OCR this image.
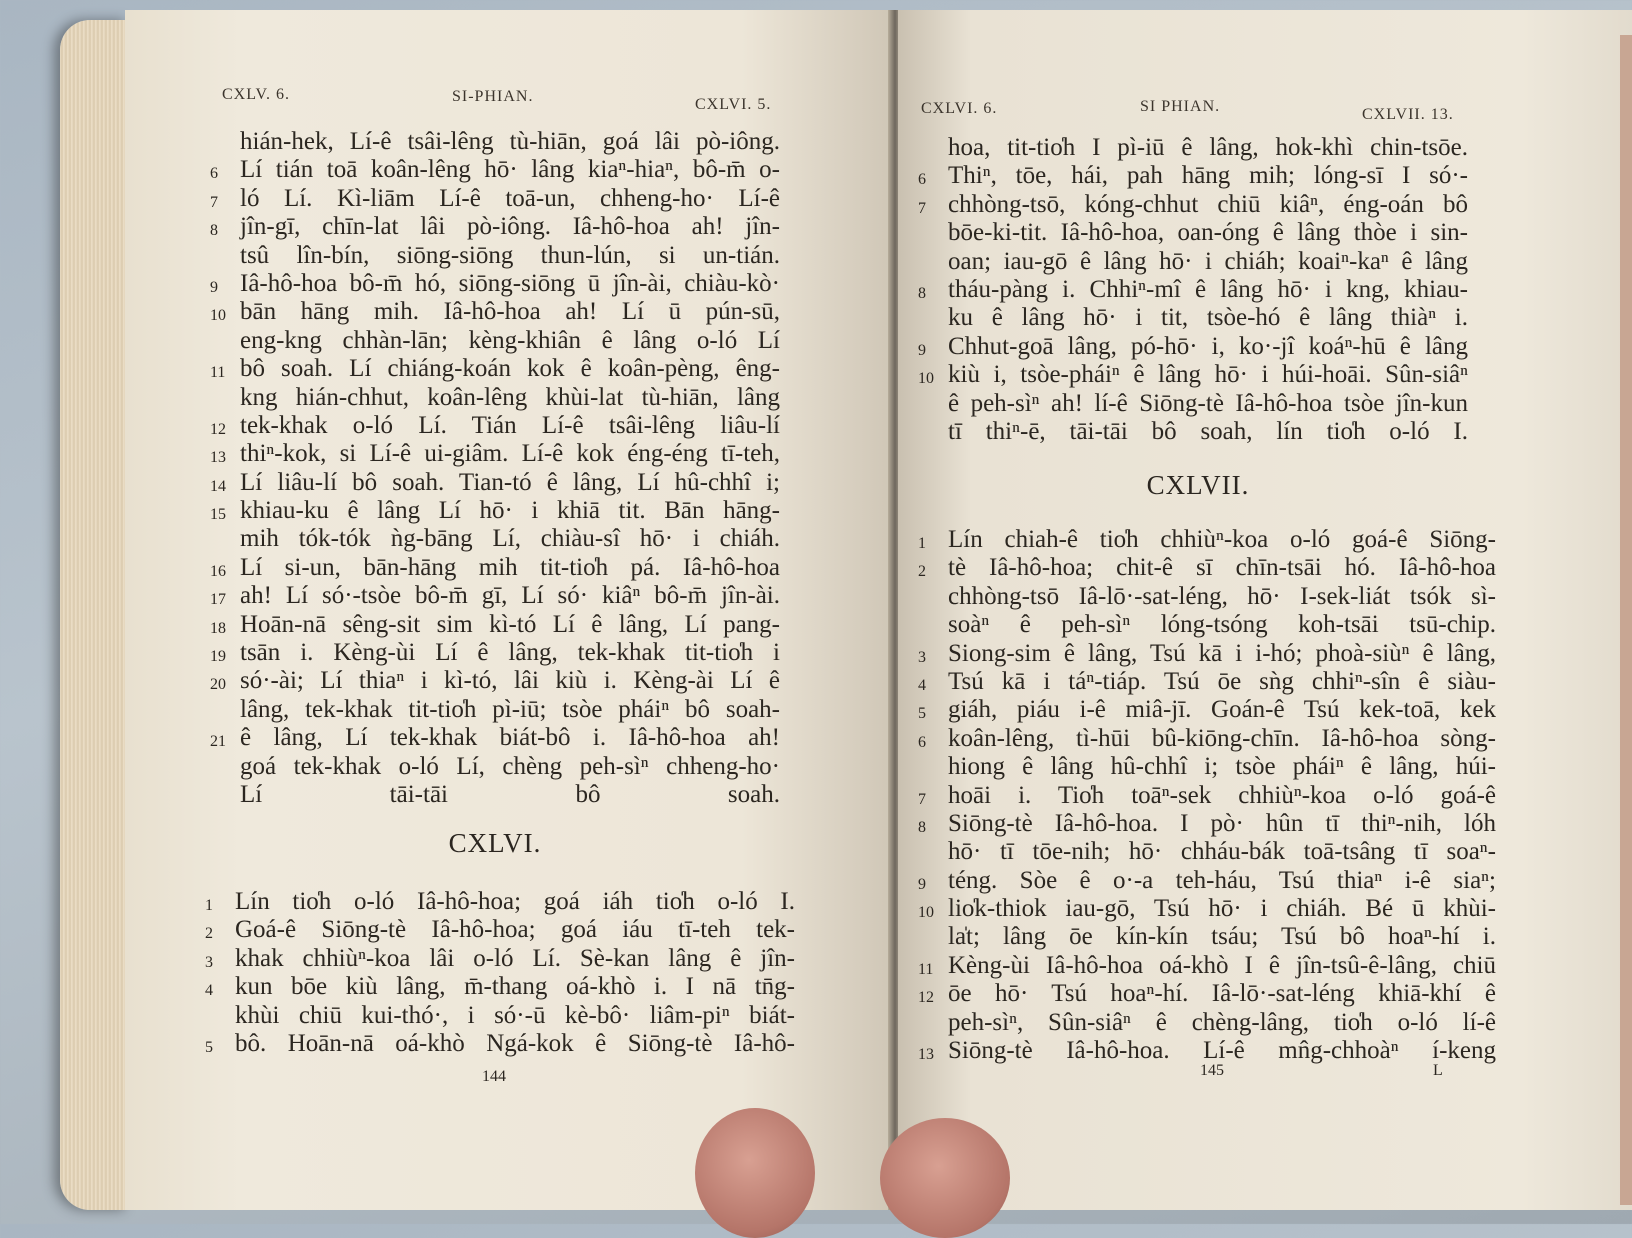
CXLV. 6.	SI-PHIAN.	CXLVI. 5.
hián-hek, Lí-ê tsâi-lêng tù-hiān, goá lâi pò-iông.
6 Lí tián toā koân-lêng hō· lâng kiaⁿ-hiaⁿ, bô-m̄ o-
7 ló Lí. Kì-liām Lí-ê toā-un, chheng-ho· Lí-ê
8 jîn-gī, chīn-lat lâi pò-iông. Iâ-hô-hoa ah! jîn-
tsû lîn-bín, siōng-siōng thun-lún, si un-tián.
9 Iâ-hô-hoa bô-m̄ hó, siōng-siōng ū jîn-ài, chiàu-kò·
10 bān hāng mih. Iâ-hô-hoa ah! Lí ū pún-sū,
eng-kng chhàn-lān; kèng-khiân ê lâng o-ló Lí
11 bô soah. Lí chiáng-koán kok ê koân-pèng, êng-
kng hián-chhut, koân-lêng khùi-lat tù-hiān, lâng
12 tek-khak o-ló Lí. Tián Lí-ê tsâi-lêng liâu-lí
13 thiⁿ-kok, si Lí-ê ui-giâm. Lí-ê kok éng-éng tī-teh,
14 Lí liâu-lí bô soah. Tian-tó ê lâng, Lí hû-chhî i;
15 khiau-ku ê lâng Lí hō· i khiā tit. Bān hāng-
mih tók-tók ǹg-bāng Lí, chiàu-sî hō· i chiáh.
16 Lí si-un, bān-hāng mih tit-tio̍h pá. Iâ-hô-hoa
17 ah! Lí só·-tsòe bô-m̄ gī, Lí só· kiâⁿ bô-m̄ jîn-ài.
18 Hoān-nā sêng-sit sim kì-tó Lí ê lâng, Lí pang-
19 tsān i. Kèng-ùi Lí ê lâng, tek-khak tit-tio̍h i
20 só·-ài; Lí thiaⁿ i kì-tó, lâi kiù i. Kèng-ài Lí ê
lâng, tek-khak tit-tio̍h pì-iū; tsòe pháiⁿ bô soah-
21 ê lâng, Lí tek-khak biát-bô i. Iâ-hô-hoa ah!
goá tek-khak o-ló Lí, chèng peh-sìⁿ chheng-ho·
Lí tāi-tāi bô soah.
CXLVI.
1 Lín tio̍h o-ló Iâ-hô-hoa; goá iáh tio̍h o-ló I.
2 Goá-ê Siōng-tè Iâ-hô-hoa; goá iáu tī-teh tek-
3 khak chhiùⁿ-koa lâi o-ló Lí. Sè-kan lâng ê jîn-
4 kun bōe kiù lâng, m̄-thang oá-khò i. I nā tn̄g-
khùi chiū kui-thó·, i só·-ū kè-bô· liâm-piⁿ biát-
5 bô. Hoān-nā oá-khò Ngá-kok ê Siōng-tè Iâ-hô-
144
CXLVI. 6.	SI PHIAN.	CXLVII. 13.
hoa, tit-tio̍h I pì-iū ê lâng, hok-khì chin-tsōe.
6 Thiⁿ, tōe, hái, pah hāng mih; lóng-sī I só·-
7 chhòng-tsō, kóng-chhut chiū kiâⁿ, éng-oán bô
bōe-ki-tit. Iâ-hô-hoa, oan-óng ê lâng thòe i sin-
oan; iau-gō ê lâng hō· i chiáh; koaiⁿ-kaⁿ ê lâng
8 tháu-pàng i. Chhiⁿ-mî ê lâng hō· i kng, khiau-
ku ê lâng hō· i tit, tsòe-hó ê lâng thiàⁿ i.
9 Chhut-goā lâng, pó-hō· i, ko·-jî koáⁿ-hū ê lâng
10 kiù i, tsòe-pháiⁿ ê lâng hō· i húi-hoāi. Sûn-siâⁿ
ê peh-sìⁿ ah! lí-ê Siōng-tè Iâ-hô-hoa tsòe jîn-kun
tī thiⁿ-ē, tāi-tāi bô soah, lín tio̍h o-ló I.
CXLVII.
1 Lín chiah-ê tio̍h chhiùⁿ-koa o-ló goá-ê Siōng-
2 tè Iâ-hô-hoa; chit-ê sī chīn-tsāi hó. Iâ-hô-hoa
chhòng-tsō Iâ-lō·-sat-léng, hō· I-sek-liát tsók sì-
soàⁿ ê peh-sìⁿ lóng-tsóng koh-tsāi tsū-chip.
3 Siong-sim ê lâng, Tsú kā i i-hó; phoà-siùⁿ ê lâng,
4 Tsú kā i táⁿ-tiáp. Tsú ōe sǹg chhiⁿ-sîn ê siàu-
5 giáh, piáu i-ê miâ-jī. Goán-ê Tsú kek-toā, kek
6 koân-lêng, tì-hūi bû-kiōng-chīn. Iâ-hô-hoa sòng-
hiong ê lâng hû-chhî i; tsòe pháiⁿ ê lâng, húi-
7 hoāi i. Tio̍h toāⁿ-sek chhiùⁿ-koa o-ló goá-ê
8 Siōng-tè Iâ-hô-hoa. I pò· hûn tī thiⁿ-nih, lóh
hō· tī tōe-nih; hō· chháu-bák toā-tsâng tī soaⁿ-
9 téng. Sòe ê o·-a teh-háu, Tsú thiaⁿ i-ê siaⁿ;
10 lio̍k-thiok iau-gō, Tsú hō· i chiáh. Bé ū khùi-
la̍t; lâng ōe kín-kín tsáu; Tsú bô hoaⁿ-hí i.
11 Kèng-ùi Iâ-hô-hoa oá-khò I ê jîn-tsû-ê-lâng, chiū
12 ōe hō· Tsú hoaⁿ-hí. Iâ-lō·-sat-léng khiā-khí ê
peh-sìⁿ, Sûn-siâⁿ ê chèng-lâng, tio̍h o-ló lí-ê
13 Siōng-tè Iâ-hô-hoa. Lí-ê mn̂g-chhoàⁿ í-keng
145	L
